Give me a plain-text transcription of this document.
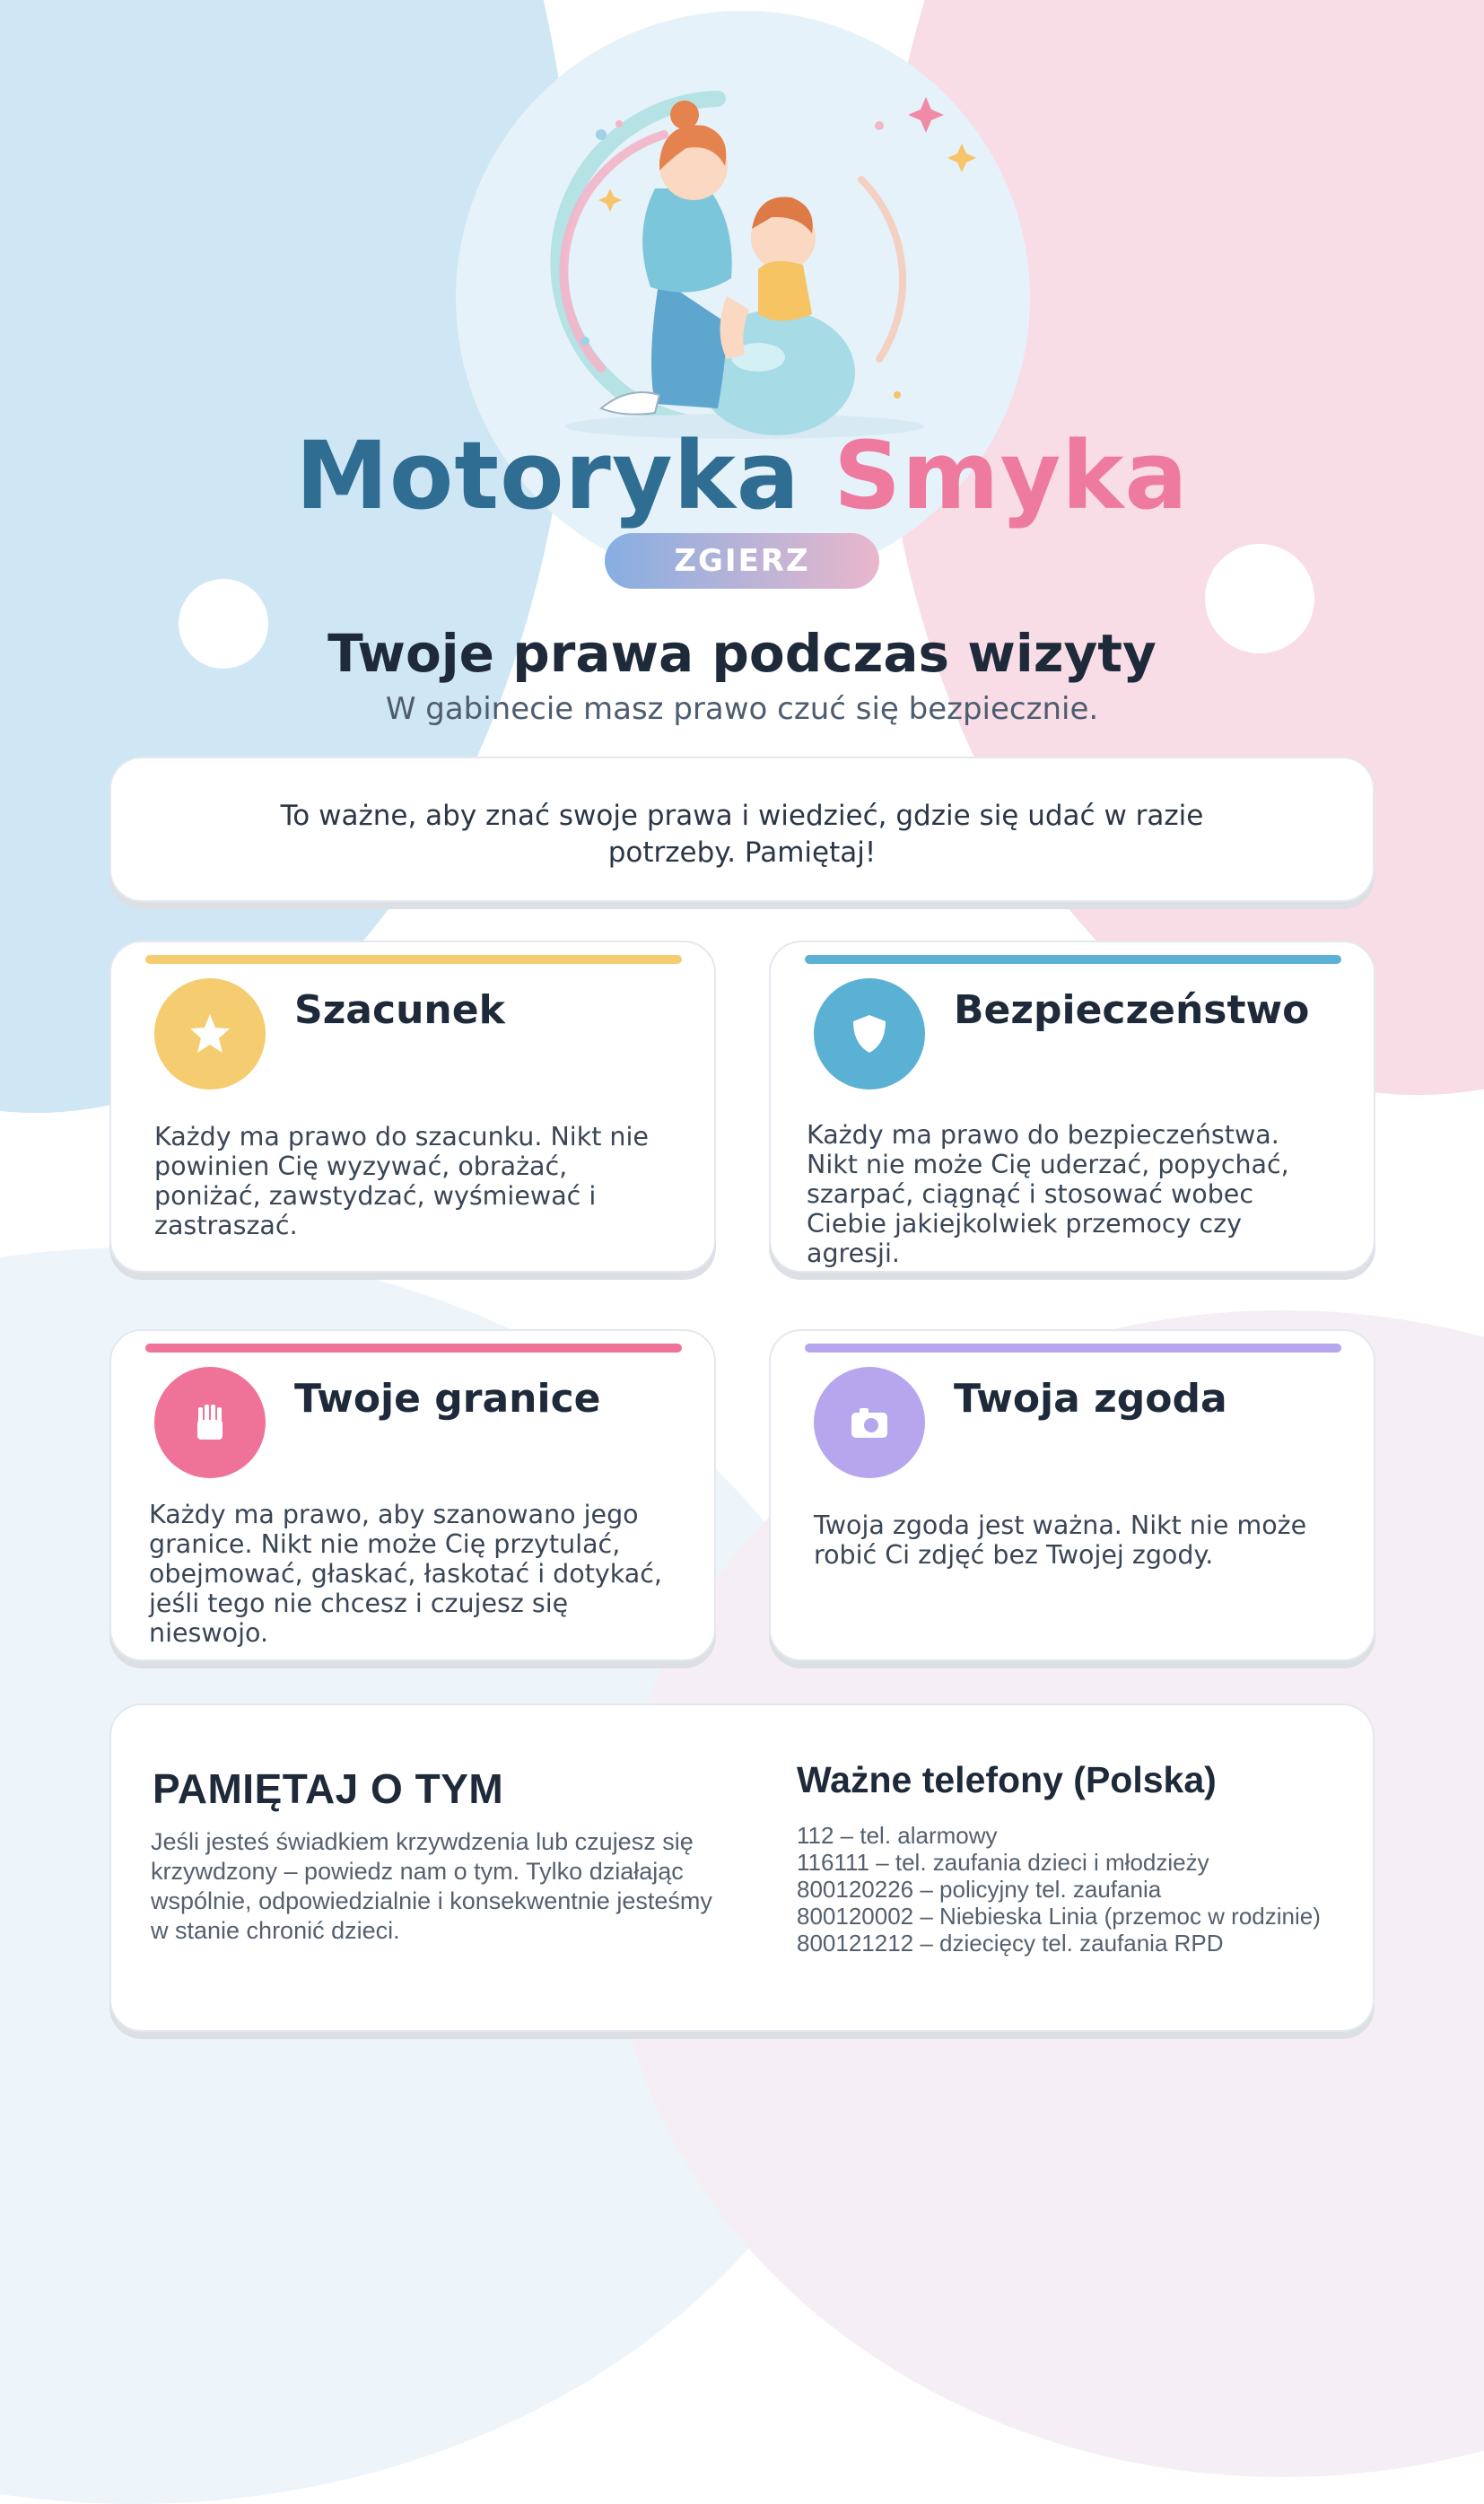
Motoryka Smyka
ZGIERZ
Twoje prawa podczas wizyty
W gabinecie masz prawo czuć się bezpiecznie.
To ważne, aby znać swoje prawa i wiedzieć, gdzie się udać w razie potrzeby. Pamiętaj!
Szacunek
Każdy ma prawo do szacunku. Nikt nie powinien Cię wyzywać, obrażać, poniżać, zawstydzać, wyśmiewać i zastraszać.
Bezpieczeństwo
Każdy ma prawo do bezpieczeństwa. Nikt nie może Cię uderzać, popychać, szarpać, ciągnąć i stosować wobec Ciebie jakiejkolwiek przemocy czy agresji.
Twoje granice
Każdy ma prawo, aby szanowano jego granice. Nikt nie może Cię przytulać, obejmować, głaskać, łaskotać i dotykać, jeśli tego nie chcesz i czujesz się nieswojo.
Twoja zgoda
Twoja zgoda jest ważna. Nikt nie może robić Ci zdjęć bez Twojej zgody.
PAMIĘTAJ O TYM
Jeśli jesteś świadkiem krzywdzenia lub czujesz się krzywdzony – powiedz nam o tym. Tylko działając wspólnie, odpowiedzialnie i konsekwentnie jesteśmy w stanie chronić dzieci.
Ważne telefony (Polska)
112 – tel. alarmowy
116111 – tel. zaufania dzieci i młodzieży
800120226 – policyjny tel. zaufania
800120002 – Niebieska Linia (przemoc w rodzinie)
800121212 – dziecięcy tel. zaufania RPD
